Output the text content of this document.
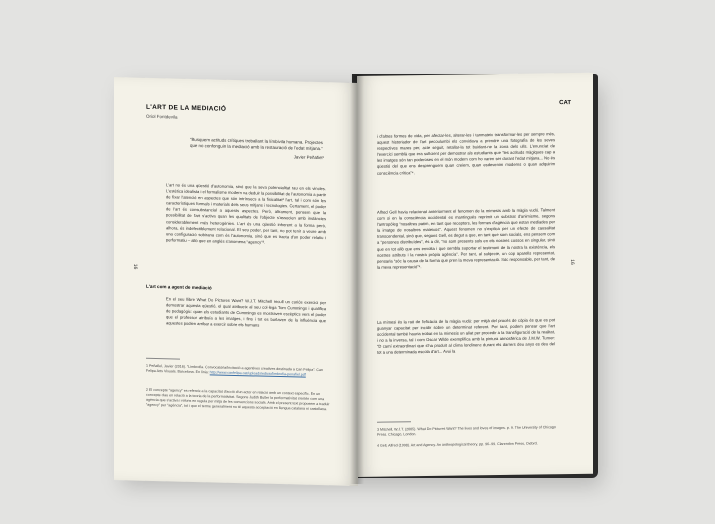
L'ART DE LA MEDIACIÓ
Oriol Fontdevila
“Busquem actituds crítiques treballant la límbivila humana. Projectes que no confonguin la mediació amb la restauració de l'edat mitjana.”
Javier Peñafiel¹
L'art no és una qüestió d'autonomia, sinó que la seva potencialitat rau en els vincles. L'estètica idealista i el formalisme modern va deduir la possibilitat de l'autonomia a partir de fixar l'atenció en aspectes que són intrínsecs a la fisicalitat² l'art, tal i com són les característiques formals i materials dels seus mitjans i tecnologies. Certament, el poder de l'art és consubstancial a aquests aspectes. Però, altrament, pensem que la possibilitat de l'art s'activa quan les qualitats de l'objecte s'associen amb instàncies considerablement més heterogènies. L'art és una qüestió inherent a la forma però, alhora, és indefectiblement relacional. El seu poder, per tant, no pot tenir a veure amb una configuració sobirana com és l'autonomia, sinó que es tracta d'un poder relatiu i performatiu – allò que en anglès s'anomena “agency”³.
L'art com a agent de mediació
En el seu llibre What Do Pictures Want? W.J.T. Mitchell recull un curiós exercici per demostrar aquesta qüestió, el qual atribueix al seu col·lega Tom Cummings i qualifica de pedagògic: quan els estudiants de Cummings es mostraven escèptics vers el poder que el professor atribuïa a les imatges, i fins i tot es burlaven de la influència que aquestes podien arribar a exercir sobre els humans
16
1 Peñafiel, Javier (2016). “Límbrofia. Convocatòria/Incitació a agentives creatives destinada a Can Felipa”. Can Felipa Arts Visuals. Barcelona. En línia: http://www.canfelipa.cat/uploads/edicio/limbrofia-penafiel.pdf
2 El concepte “agency” es refereix a la capacitat d'acció d'un actor en relació amb un context específic. En un concepte clau en relació a la teoria de la performativitat. Segons Judith Butler la performativitat s'entén com una agència que s'activa i refons en regula per mitjà de les convencions socials. Amb el present text proposem a traduir “agency” per “agència”, tot i que el terme generalment no té aquesta acceptació en llengua catalana ni castellana.
CAT
i d'altres formes de vida, per afectar-les, alterar-les i tanmateix transformar-les per sempre més, aquest historiador de l'art pecoulumbi els convidava a prendre una fotografia de les seves respectives mares per, acte seguit, retallar-la tot buidant-ne la zona dels ulls. L'enunciat de l'exercici semblà que era suficient per demostrar als estudiants que “les actituds màgiques cap a les imatges són tan poderoses en el món modern com ho varen ser durant l'edat mitjana... No és qüestió del que ens desprenguem quan creiem, quan esdevenim moderns o quan adquirim consciència crítica”⁴.
Alfred Gell havia relacionat anteriorment el fenomen de la mimesis amb la màgia vudú. Talment com si en la consciència occidental es mantingués reprimit un substrat d'animisme, segons l'antropòleg “nosaltres patim, en tant que receptors, les formes d'agència que estan mediades per la imatge de nosaltres mateixos”. Aquest fenomen no s'explica per un efecte de causalitat transcendental, sinó que, segons Gell, es degut a que, en tant que som socials, ens pensem com a “persones distribuïdes”, és a dir, “no som presents sols en els nostres cossos en singular, sinó que en tot allò que ens envolta i que sembla suportar el testimoni de la nostra la existència, els nostres atributs i la nostra pròpia agència”. Per tant, al subjecte, un cop aparells representat, pensaria “sóc la causa de la forma que pren la meva representació. Sóc responsable, per tant, de la meva representació”⁵.
La mímesi és la raó de l'eficàcia de la màgia vudú: per mitjà del procés de còpia és que es pot guanyar capacitat per incidir sobre un determinat referent. Per tant, podem pensar que l'art occidental també hauria trobat en la mimesis un aliat per procedir a la transfiguració de la realitat, i no a la inversa, tal i com Oscar Wilde exemplifica amb la pintura atmosfèrica de J.M.W. Turner: “D camí extraordinari que s'ha produït al clima londinenc durant els darrers deu anys es deu del tot a una determinada escola d'art... Avui la
16
3 Mitchell, W.J.T. (2005). What Do Pictures Want? The lives and loves of images. p. 9. The University of Chicago Press. Chicago, London.
4 Gell, Alfred (1998). Art and Agency. An anthropological theory. pp. 96–99. Clarendon Press, Oxford.
